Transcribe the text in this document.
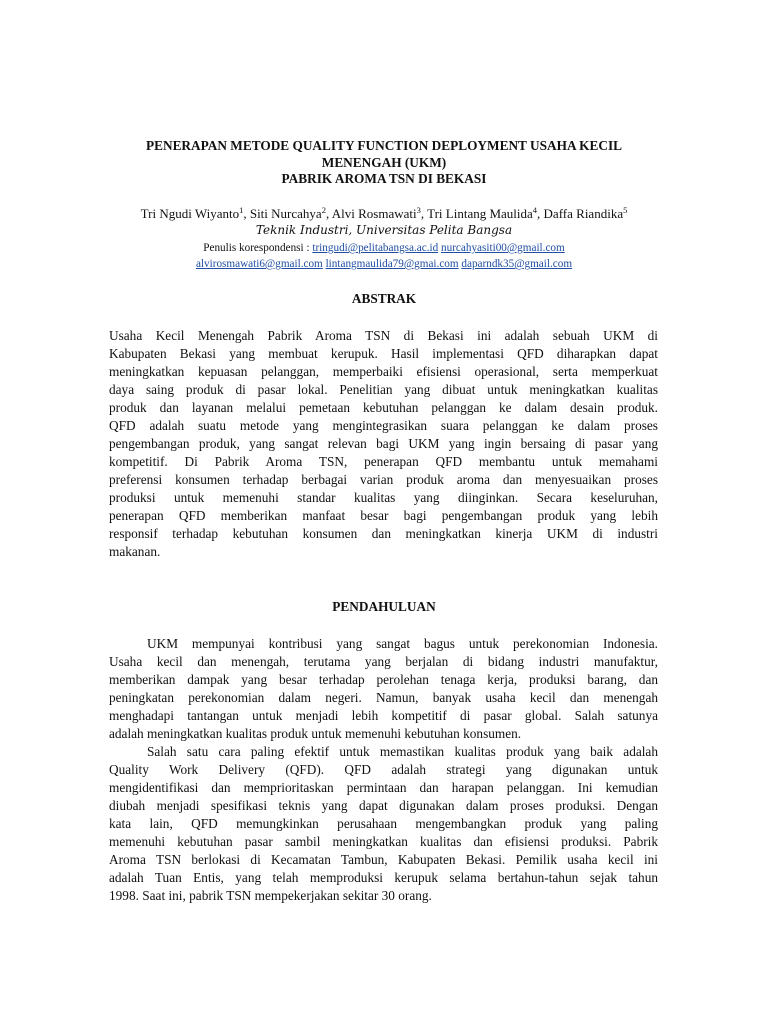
PENERAPAN METODE QUALITY FUNCTION DEPLOYMENT USAHA KECIL
MENENGAH (UKM)
PABRIK AROMA TSN DI BEKASI
Tri Ngudi Wiyanto$^1$, Siti Nurcahya$^2$, Alvi Rosmawati$^3$, Tri Lintang Maulida$^4$, Daffa Riandika$^5$
Teknik Industri, Universitas Pelita Bangsa
Penulis korespondensi : tringudi@pelitabangsa.ac.id nurcahyasiti00@gmail.com
alvirosmawati6@gmail.com lintangmaulida79@gmai.com daparndk35@gmail.com
ABSTRAK
Usaha Kecil Menengah Pabrik Aroma TSN di Bekasi ini adalah sebuah UKM di
Kabupaten Bekasi yang membuat kerupuk. Hasil implementasi QFD diharapkan dapat
meningkatkan kepuasan pelanggan, memperbaiki efisiensi operasional, serta memperkuat
daya saing produk di pasar lokal. Penelitian yang dibuat untuk meningkatkan kualitas
produk dan layanan melalui pemetaan kebutuhan pelanggan ke dalam desain produk.
QFD adalah suatu metode yang mengintegrasikan suara pelanggan ke dalam proses
pengembangan produk, yang sangat relevan bagi UKM yang ingin bersaing di pasar yang
kompetitif. Di Pabrik Aroma TSN, penerapan QFD membantu untuk memahami
preferensi konsumen terhadap berbagai varian produk aroma dan menyesuaikan proses
produksi untuk memenuhi standar kualitas yang diinginkan. Secara keseluruhan,
penerapan QFD memberikan manfaat besar bagi pengembangan produk yang lebih
responsif terhadap kebutuhan konsumen dan meningkatkan kinerja UKM di industri
makanan.
PENDAHULUAN
UKM mempunyai kontribusi yang sangat bagus untuk perekonomian Indonesia.
Usaha kecil dan menengah, terutama yang berjalan di bidang industri manufaktur,
memberikan dampak yang besar terhadap perolehan tenaga kerja, produksi barang, dan
peningkatan perekonomian dalam negeri. Namun, banyak usaha kecil dan menengah
menghadapi tantangan untuk menjadi lebih kompetitif di pasar global. Salah satunya
adalah meningkatkan kualitas produk untuk memenuhi kebutuhan konsumen.
Salah satu cara paling efektif untuk memastikan kualitas produk yang baik adalah
Quality Work Delivery (QFD). QFD adalah strategi yang digunakan untuk
mengidentifikasi dan memprioritaskan permintaan dan harapan pelanggan. Ini kemudian
diubah menjadi spesifikasi teknis yang dapat digunakan dalam proses produksi. Dengan
kata lain, QFD memungkinkan perusahaan mengembangkan produk yang paling
memenuhi kebutuhan pasar sambil meningkatkan kualitas dan efisiensi produksi. Pabrik
Aroma TSN berlokasi di Kecamatan Tambun, Kabupaten Bekasi. Pemilik usaha kecil ini
adalah Tuan Entis, yang telah memproduksi kerupuk selama bertahun-tahun sejak tahun
1998. Saat ini, pabrik TSN mempekerjakan sekitar 30 orang.
